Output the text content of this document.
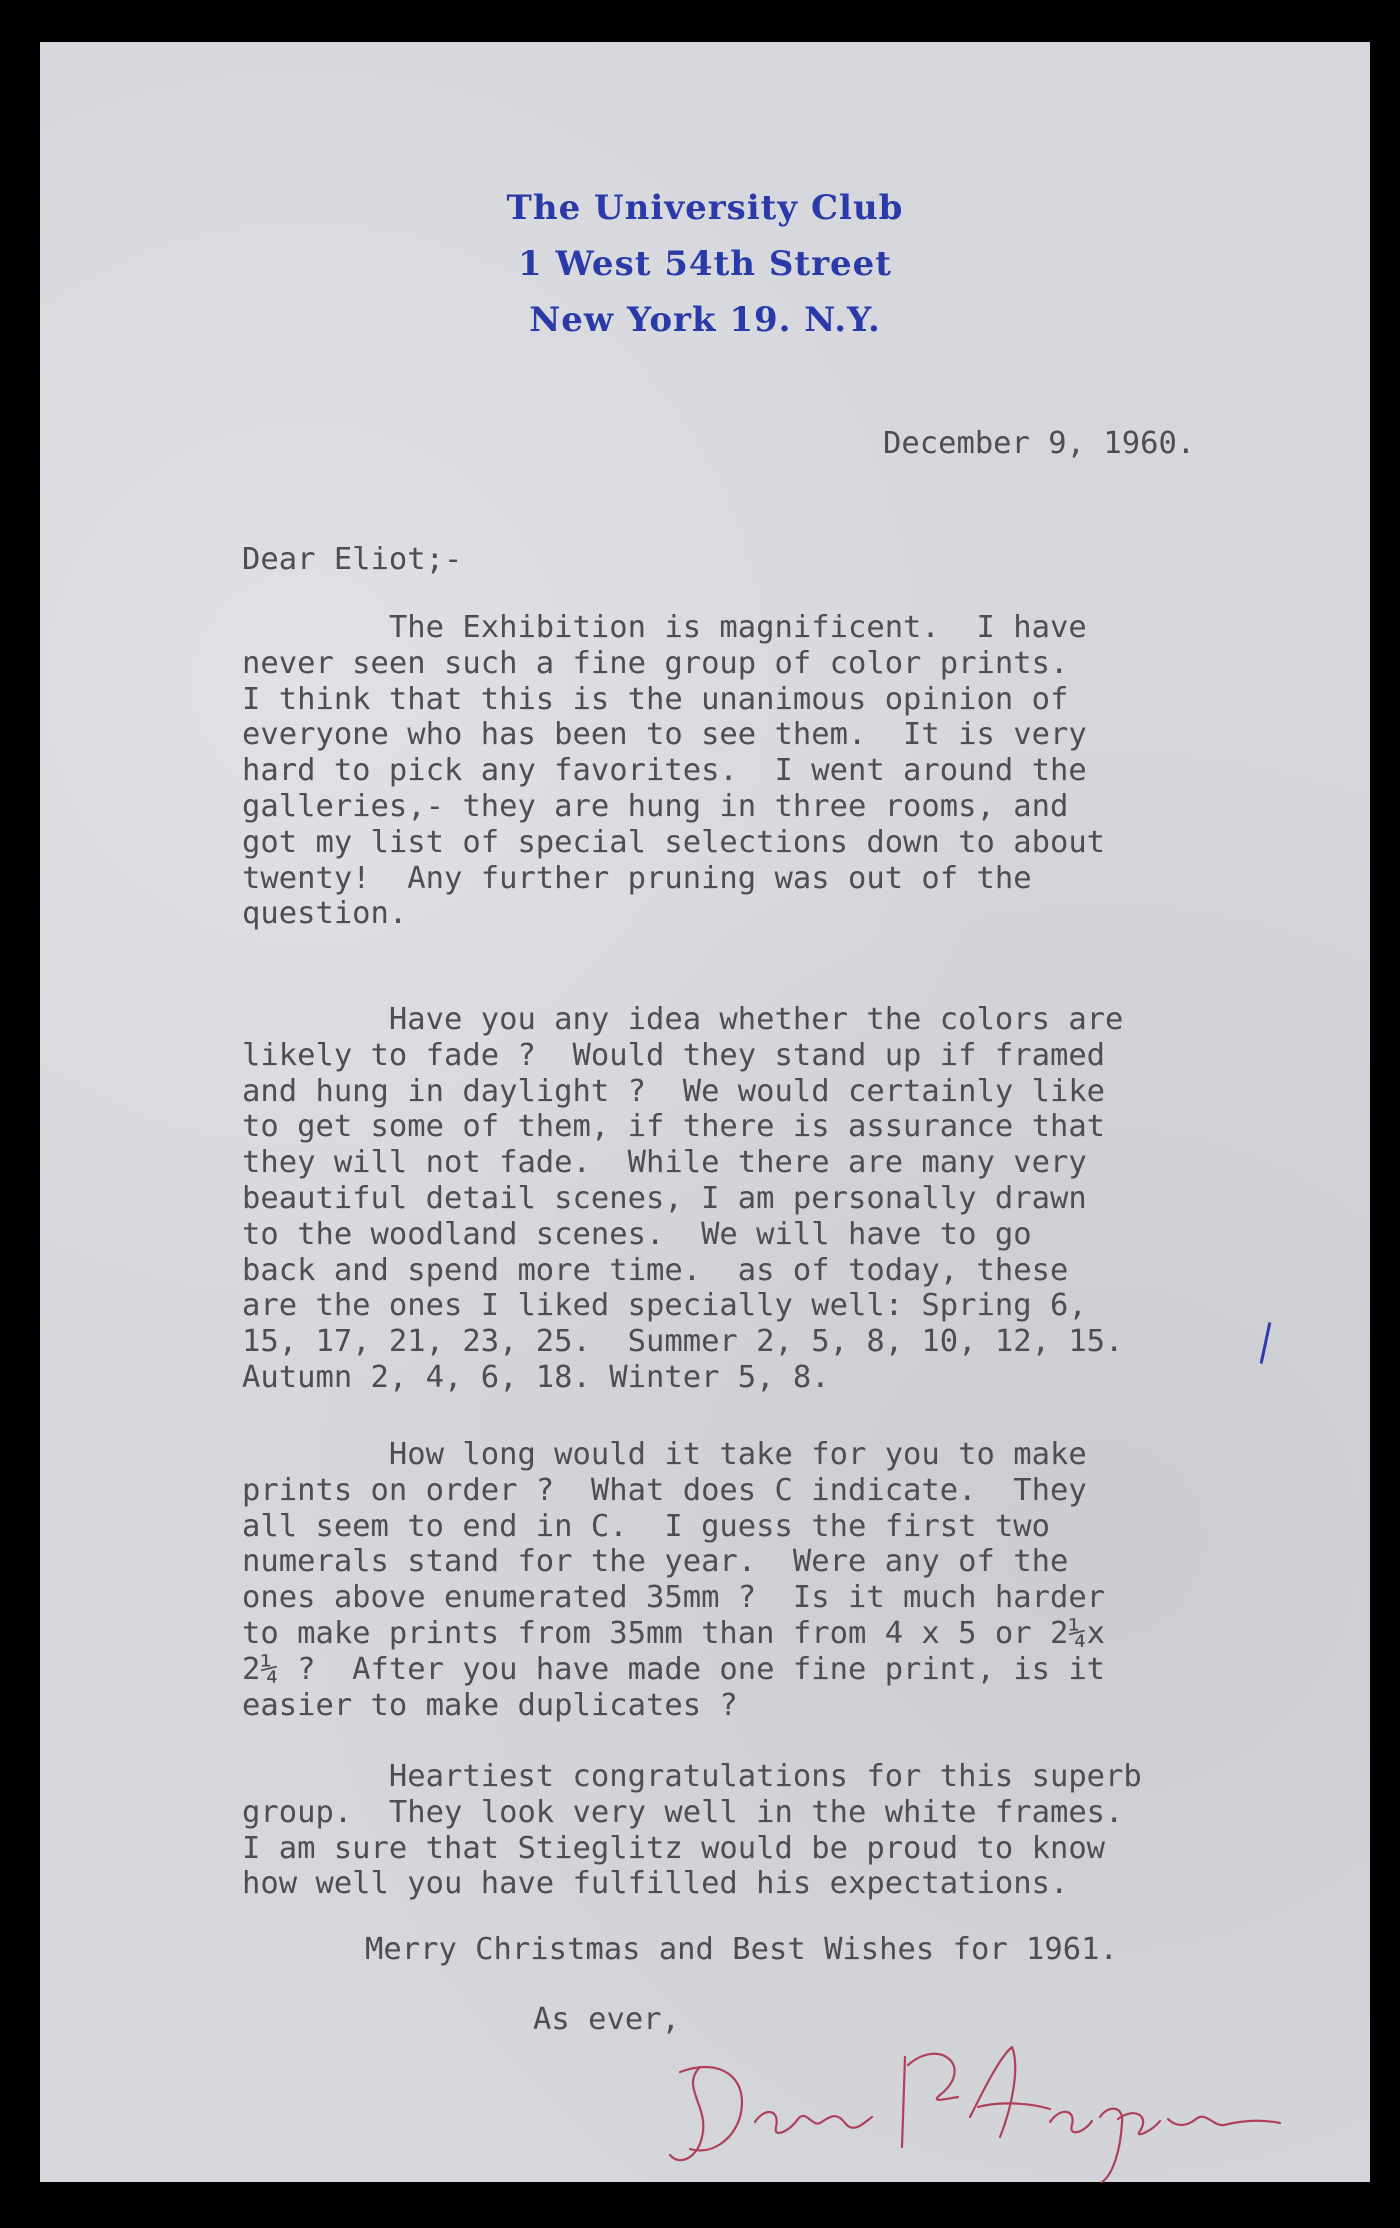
The University Club
1 West 54th Street
New York 19. N.Y.
December 9, 1960.
Dear Eliot;-
The Exhibition is magnificent.  I have
never seen such a fine group of color prints.
I think that this is the unanimous opinion of
everyone who has been to see them.  It is very
hard to pick any favorites.  I went around the
galleries,- they are hung in three rooms, and
got my list of special selections down to about
twenty!  Any further pruning was out of the
question.
Have you any idea whether the colors are
likely to fade ?  Would they stand up if framed
and hung in daylight ?  We would certainly like
to get some of them, if there is assurance that
they will not fade.  While there are many very
beautiful detail scenes, I am personally drawn
to the woodland scenes.  We will have to go
back and spend more time.  as of today, these
are the ones I liked specially well: Spring 6,
15, 17, 21, 23, 25.  Summer 2, 5, 8, 10, 12, 15.
Autumn 2, 4, 6, 18. Winter 5, 8.
How long would it take for you to make
prints on order ?  What does C indicate.  They
all seem to end in C.  I guess the first two
numerals stand for the year.  Were any of the
ones above enumerated 35mm ?  Is it much harder
to make prints from 35mm than from 4 x 5 or 2¼x
2¼ ?  After you have made one fine print, is it
easier to make duplicates ?
Heartiest congratulations for this superb
group.  They look very well in the white frames.
I am sure that Stieglitz would be proud to know
how well you have fulfilled his expectations.
Merry Christmas and Best Wishes for 1961.
As ever,
